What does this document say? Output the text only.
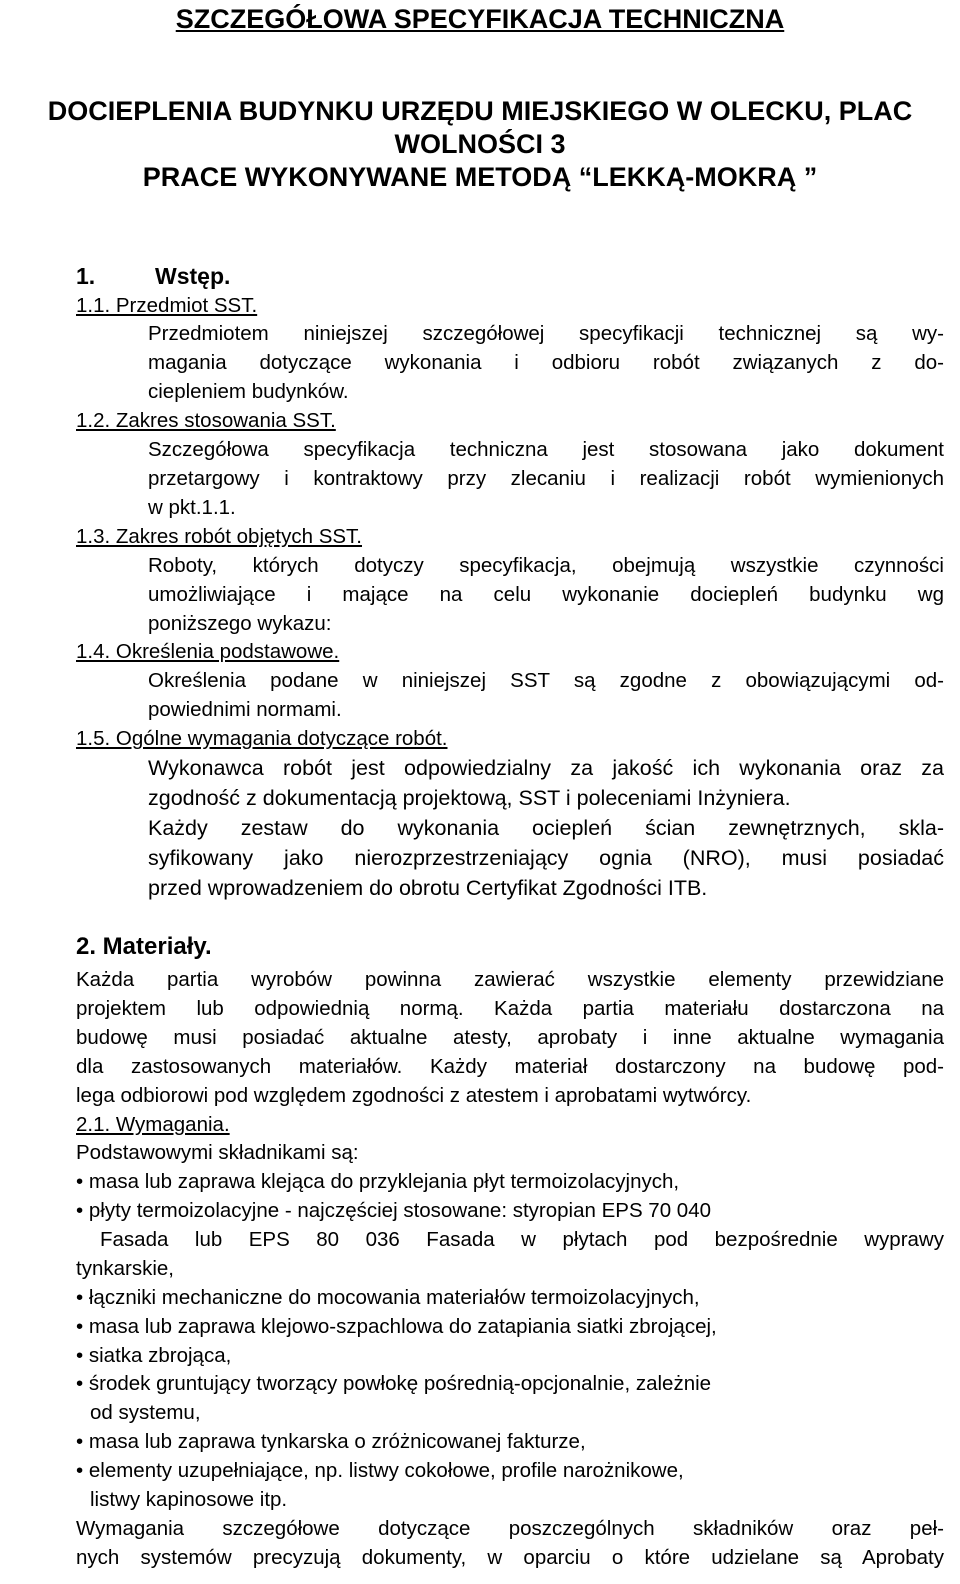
SZCZEGÓŁOWA SPECYFIKACJA TECHNICZNA
DOCIEPLENIA BUDYNKU URZĘDU MIEJSKIEGO W OLECKU, PLAC
WOLNOŚCI 3
PRACE WYKONYWANE METODĄ “LEKKĄ-MOKRĄ ”
1.	Wstęp.
1.1. Przedmiot SST.
Przedmiotem niniejszej szczegółowej specyfikacji technicznej są wy-
magania dotyczące wykonania i odbioru robót związanych z do-
ciepleniem budynków.
1.2. Zakres stosowania SST.
Szczegółowa specyfikacja techniczna jest stosowana jako dokument
przetargowy i kontraktowy przy zlecaniu i realizacji robót wymienionych
w pkt.1.1.
1.3. Zakres robót objętych SST.
Roboty, których dotyczy specyfikacja, obejmują wszystkie czynności
umożliwiające i mające na celu wykonanie dociepleń budynku wg
poniższego wykazu:
1.4. Określenia podstawowe.
Określenia podane w niniejszej SST są zgodne z obowiązującymi od-
powiednimi normami.
1.5. Ogólne wymagania dotyczące robót.
Wykonawca robót jest odpowiedzialny za jakość ich wykonania oraz za
zgodność z dokumentacją projektową, SST i poleceniami Inżyniera.
Każdy zestaw do wykonania ociepleń ścian zewnętrznych, skla-
syfikowany jako nierozprzestrzeniający ognia (NRO), musi posiadać
przed wprowadzeniem do obrotu Certyfikat Zgodności ITB.
2. Materiały.
Każda partia wyrobów powinna zawierać wszystkie elementy przewidziane
projektem lub odpowiednią normą. Każda partia materiału dostarczona na
budowę musi posiadać aktualne atesty, aprobaty i inne aktualne wymagania
dla zastosowanych materiałów. Każdy materiał dostarczony na budowę pod-
lega odbiorowi pod względem zgodności z atestem i aprobatami wytwórcy.
2.1. Wymagania.
Podstawowymi składnikami są:
• masa lub zaprawa klejąca do przyklejania płyt termoizolacyjnych,
• płyty termoizolacyjne - najczęściej stosowane: styropian EPS 70 040
Fasada lub EPS 80 036 Fasada w płytach pod bezpośrednie wyprawy
tynkarskie,
• łączniki mechaniczne do mocowania materiałów termoizolacyjnych,
• masa lub zaprawa klejowo-szpachlowa do zatapiania siatki zbrojącej,
• siatka zbrojąca,
• środek gruntujący tworzący powłokę pośrednią-opcjonalnie, zależnie
od systemu,
• masa lub zaprawa tynkarska o zróżnicowanej fakturze,
• elementy uzupełniające, np. listwy cokołowe, profile narożnikowe,
listwy kapinosowe itp.
Wymagania szczegółowe dotyczące poszczególnych składników oraz peł-
nych systemów precyzują dokumenty, w oparciu o które udzielane są Aprobaty
